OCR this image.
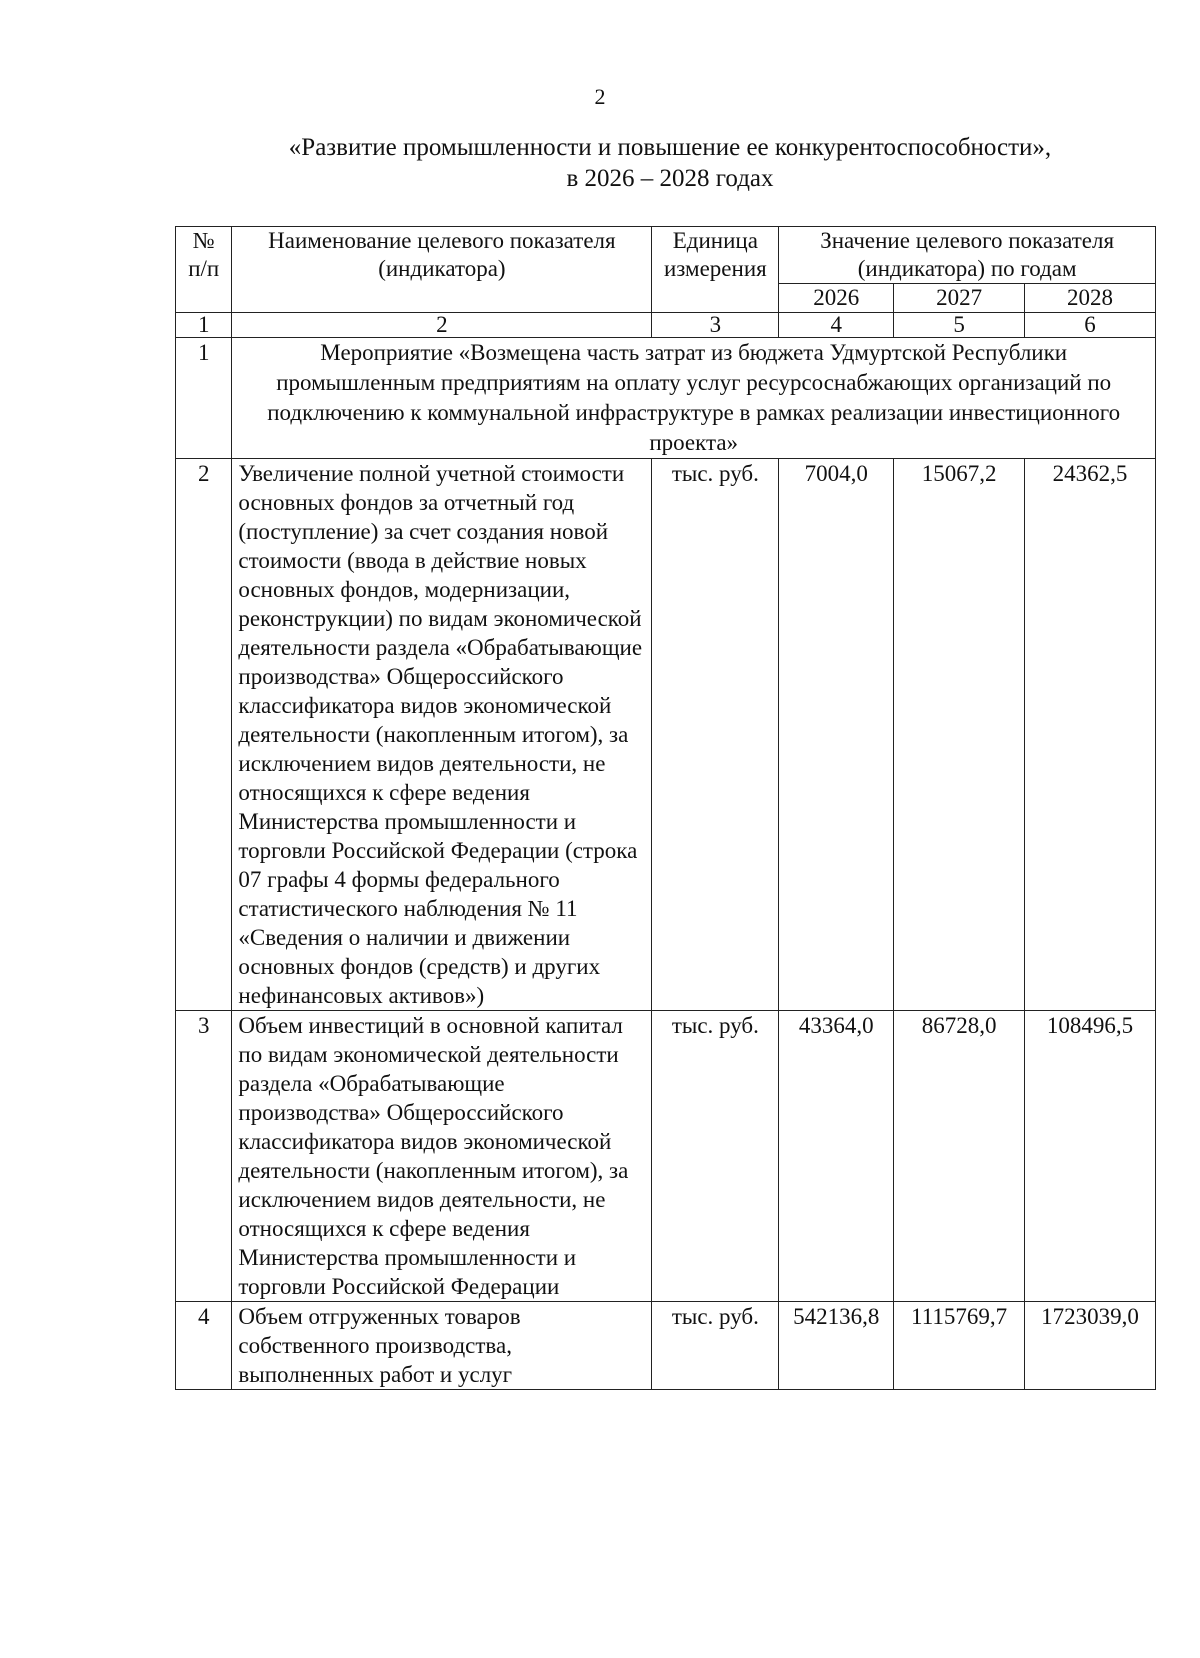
2
«Развитие промышленности и повышение ее конкурентоспособности»,
в 2026 – 2028 годах
№ п/п	Наименование целевого показателя (индикатора)	Единица измерения	Значение целевого показателя (индикатора) по годам		
			2026	2027	2028
1	2	3	4	5	6
1	Мероприятие «Возмещена часть затрат из бюджета Удмуртской Республики промышленным предприятиям на оплату услуг ресурсоснабжающих организаций по подключению к коммунальной инфраструктуре в рамках реализации инвестиционного проекта»				
2	Увеличение полной учетной стоимости основных фондов за отчетный год (поступление) за счет создания новой стоимости (ввода в действие новых основных фондов, модернизации, реконструкции) по видам экономической деятельности раздела «Обрабатывающие производства» Общероссийского классификатора видов экономической деятельности (накопленным итогом), за исключением видов деятельности, не относящихся к сфере ведения Министерства промышленности и торговли Российской Федерации (строка 07 графы 4 формы федерального статистического наблюдения № 11 «Сведения о наличии и движении основных фондов (средств) и других нефинансовых активов»)	тыс. руб.	7004,0	15067,2	24362,5
3	Объем инвестиций в основной капитал по видам экономической деятельности раздела «Обрабатывающие производства» Общероссийского классификатора видов экономической деятельности (накопленным итогом), за исключением видов деятельности, не относящихся к сфере ведения Министерства промышленности и торговли Российской Федерации	тыс. руб.	43364,0	86728,0	108496,5
4	Объем отгруженных товаров собственного производства, выполненных работ и услуг	тыс. руб.	542136,8	1115769,7	1723039,0
